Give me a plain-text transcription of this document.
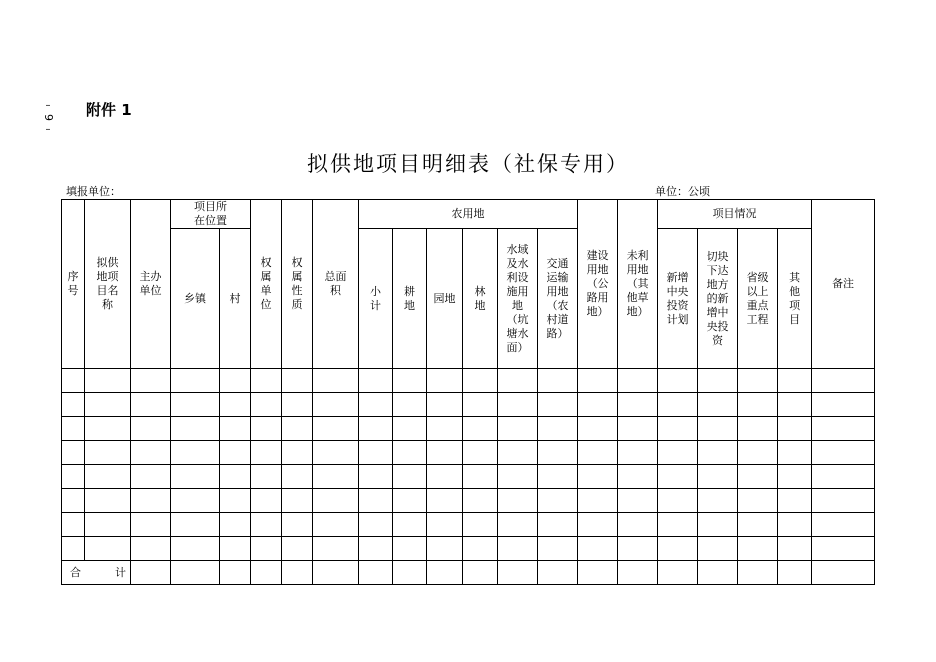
–
9
–
附件 1
拟供地项目明细表（社保专用）
填报单位：	单位：公顷
序号	拟供地项目名称	主办单位	项目所在位置		权属单位	权属性质	总面积	农用地						建设用地（公路用地）	未利用地（其他草地）	项目情况				备注
			乡镇	村				小计	耕地	园地	林地	水域及水利设施用地（坑塘水面）	交通运输用地（农村道路）			新增中央投资计划	切块下达地方的新增中央投资	省级以上重点工程	其他项目	

合 计																				
